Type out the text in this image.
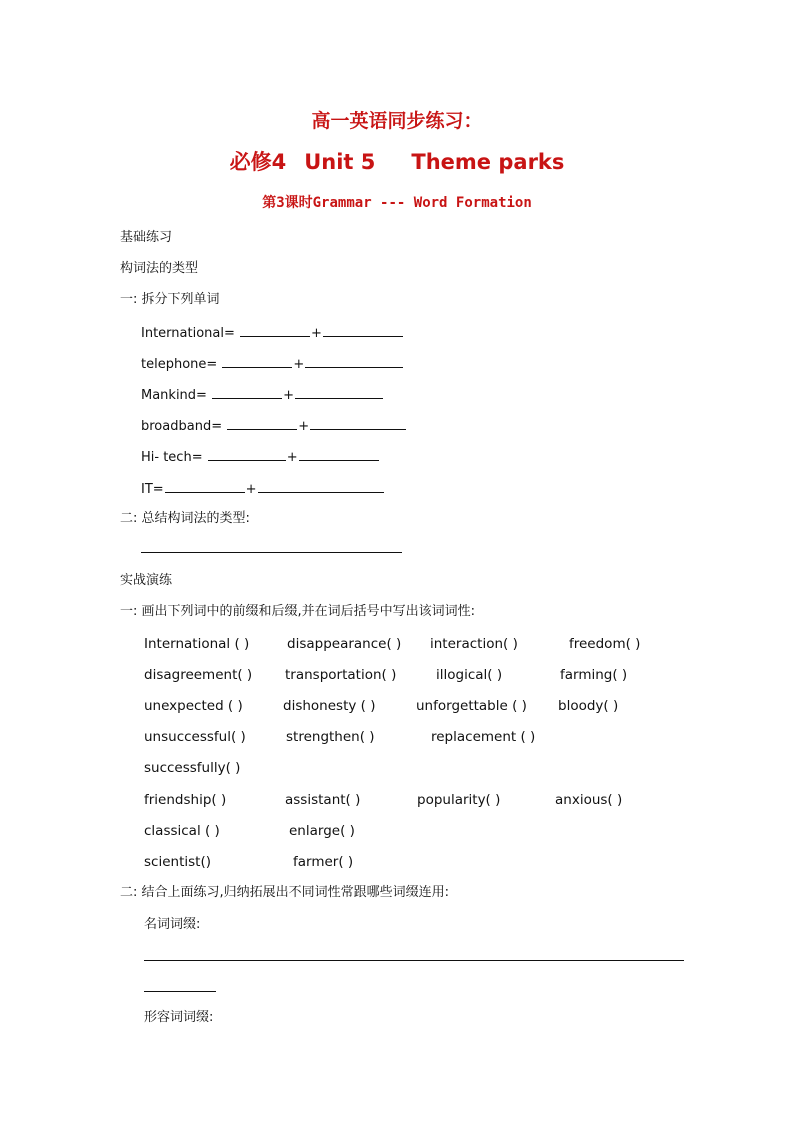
高一英语同步练习：
必修4 Unit 5 Theme parks
第3课时Grammar --- Word Formation
基础练习
构词法的类型
一: 拆分下列单词
International=	+
telephone=	+
Mankind=	+
broadband=	+
Hi- tech=	+
IT=	+
二: 总结构词法的类型:
实战演练
一: 画出下列词中的前缀和后缀,并在词后括号中写出该词词性:
International ( )	disappearance( ) interaction( )	freedom( )
disagreement( ) transportation( )	illogical( )	farming( )
unexpected ( )	dishonesty ( )	unforgettable ( ) bloody( )
unsuccessful( )	strengthen( )	replacement ( )
successfully( )
friendship( )	assistant( )	popularity( )	anxious( )
classical ( )	enlarge( )
scientist()	farmer( )
二: 结合上面练习,归纳拓展出不同词性常跟哪些词缀连用:
名词词缀:
形容词词缀:
